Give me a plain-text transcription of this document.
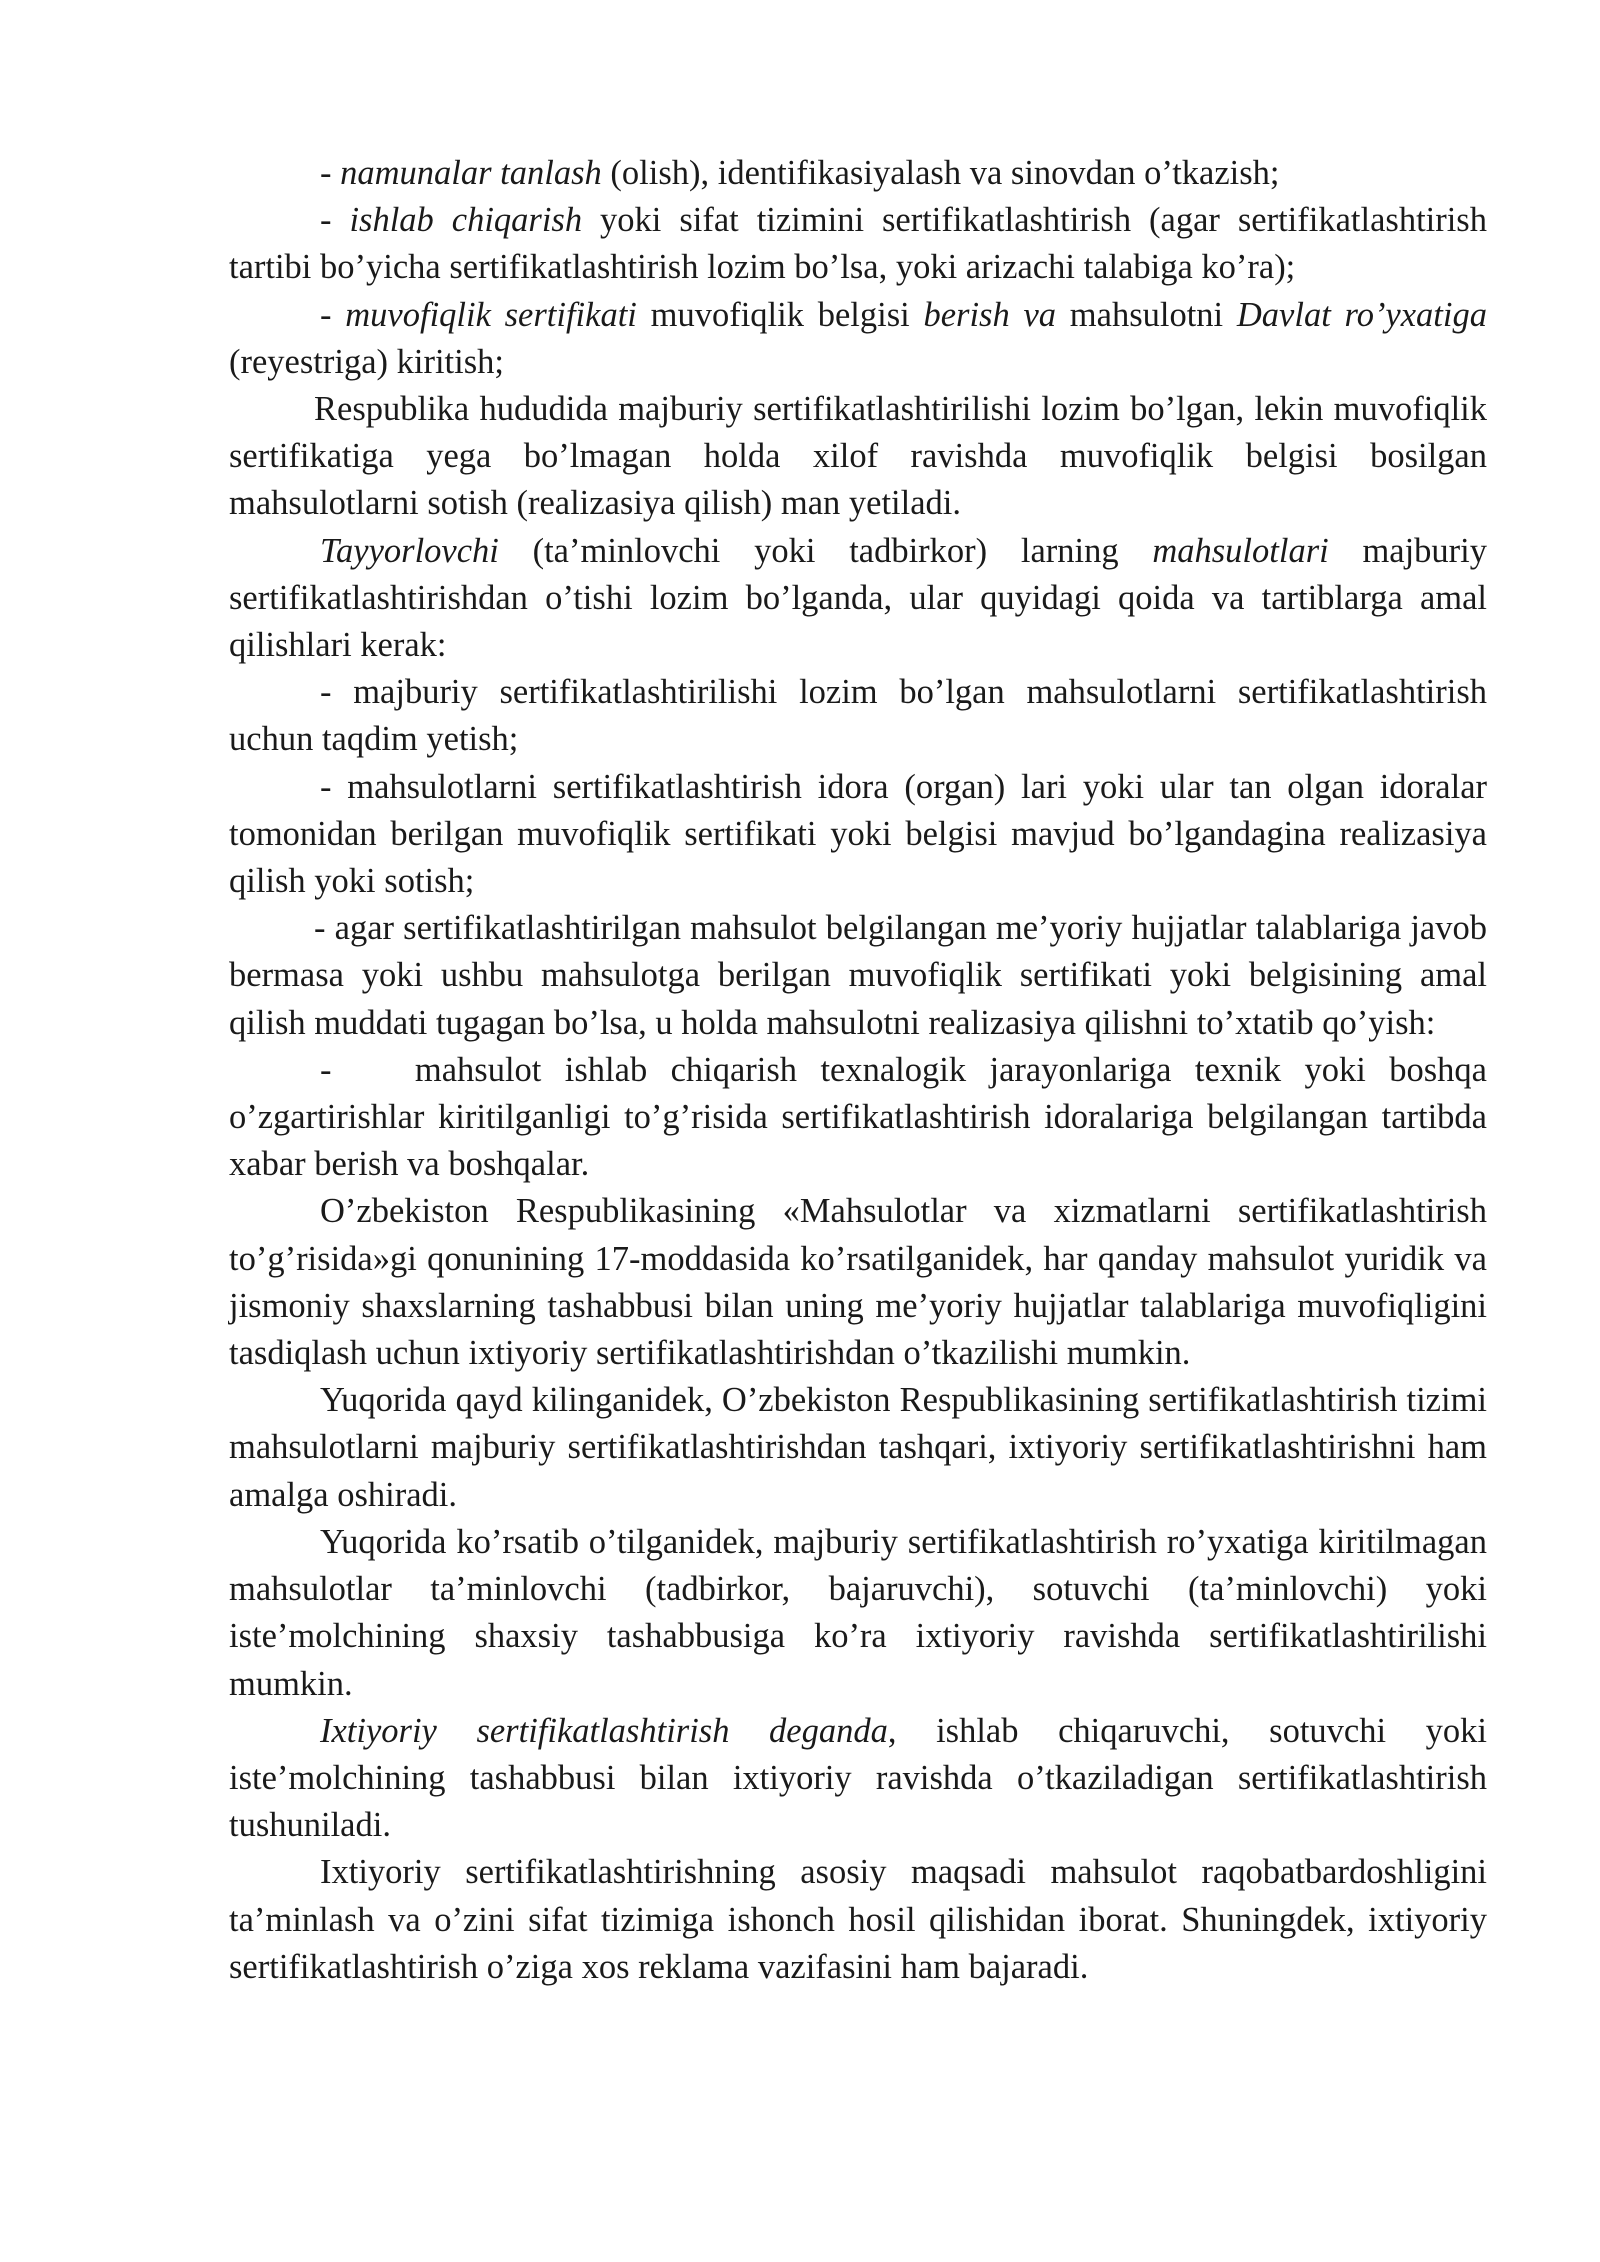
- namunalar tanlash (olish), identifikasiyalash va sinovdan o’tkazish;

- ishlab chiqarish yoki sifat tizimini sertifikatlashtirish (agar sertifikatlashtirish tartibi bo’yicha sertifikatlashtirish lozim bo’lsa, yoki arizachi talabiga ko’ra);

- muvofiqlik sertifikati muvofiqlik belgisi berish va mahsulotni Davlat ro’yxatiga (reyestriga) kiritish;

Respublika hududida majburiy sertifikatlashtirilishi lozim bo’lgan, lekin muvofiqlik sertifikatiga yega bo’lmagan holda xilof ravishda muvofiqlik belgisi bosilgan mahsulotlarni sotish (realizasiya qilish) man yetiladi.

Tayyorlovchi (ta’minlovchi yoki tadbirkor) larning mahsulotlari majburiy sertifikatlashtirishdan o’tishi lozim bo’lganda, ular quyidagi qoida va tartiblarga amal qilishlari kerak:

- majburiy sertifikatlashtirilishi lozim bo’lgan mahsulotlarni sertifikatlashtirish uchun taqdim yetish;

- mahsulotlarni sertifikatlashtirish idora (organ) lari yoki ular tan olgan idoralar tomonidan berilgan muvofiqlik sertifikati yoki belgisi mavjud bo’lgandagina realizasiya qilish yoki sotish;

- agar sertifikatlashtirilgan mahsulot belgilangan me’yoriy hujjatlar talablariga javob bermasa yoki ushbu mahsulotga berilgan muvofiqlik sertifikati yoki belgisining amal qilish muddati tugagan bo’lsa, u holda mahsulotni realizasiya qilishni to’xtatib qo’yish:

- mahsulot ishlab chiqarish texnalogik jarayonlariga texnik yoki boshqa o’zgartirishlar kiritilganligi to’g’risida sertifikatlashtirish idoralariga belgilangan tartibda xabar berish va boshqalar.

O’zbekiston Respublikasining «Mahsulotlar va xizmatlarni sertifikatlashtirish to’g’risida»gi qonunining 17-moddasida ko’rsatilganidek, har qanday mahsulot yuridik va jismoniy shaxslarning tashabbusi bilan uning me’yoriy hujjatlar talablariga muvofiqligini tasdiqlash uchun ixtiyoriy sertifikatlashtirishdan o’tkazilishi mumkin.

Yuqorida qayd kilinganidek, O’zbekiston Respublikasining sertifikatlashtirish tizimi mahsulotlarni majburiy sertifikatlashtirishdan tashqari, ixtiyoriy sertifikatlashtirishni ham amalga oshiradi.

Yuqorida ko’rsatib o’tilganidek, majburiy sertifikatlashtirish ro’yxatiga kiritilmagan mahsulotlar ta’minlovchi (tadbirkor, bajaruvchi), sotuvchi (ta’minlovchi) yoki iste’molchining shaxsiy tashabbusiga ko’ra ixtiyoriy ravishda sertifikatlashtirilishi mumkin.

Ixtiyoriy sertifikatlashtirish deganda, ishlab chiqaruvchi, sotuvchi yoki iste’molchining tashabbusi bilan ixtiyoriy ravishda o’tkaziladigan sertifikatlashtirish tushuniladi.

Ixtiyoriy sertifikatlashtirishning asosiy maqsadi mahsulot raqobatbardoshligini ta’minlash va o’zini sifat tizimiga ishonch hosil qilishidan iborat. Shuningdek, ixtiyoriy sertifikatlashtirish o’ziga xos reklama vazifasini ham bajaradi.
